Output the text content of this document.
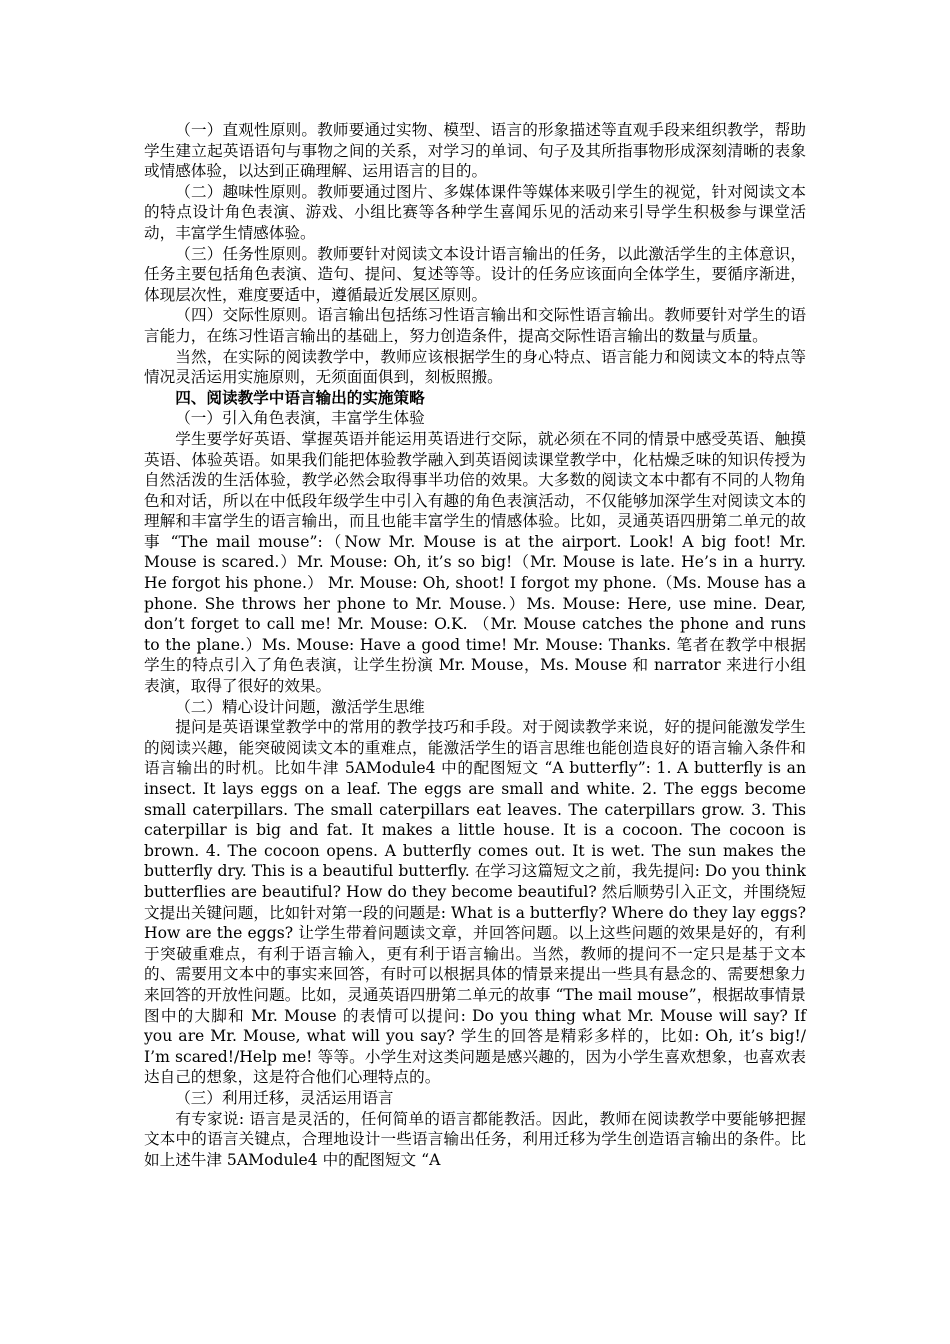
（一）直观性原则。教师要通过实物、模型、语言的形象描述等直观手段来组织教学，帮助学生建立起英语语句与事物之间的关系，对学习的单词、句子及其所指事物形成深刻清晰的表象或情感体验，以达到正确理解、运用语言的目的。

（二）趣味性原则。教师要通过图片、多媒体课件等媒体来吸引学生的视觉，针对阅读文本的特点设计角色表演、游戏、小组比赛等各种学生喜闻乐见的活动来引导学生积极参与课堂活动，丰富学生情感体验。

（三）任务性原则。教师要针对阅读文本设计语言输出的任务，以此激活学生的主体意识，任务主要包括角色表演、造句、提问、复述等等。设计的任务应该面向全体学生，要循序渐进，体现层次性，难度要适中，遵循最近发展区原则。

（四）交际性原则。语言输出包括练习性语言输出和交际性语言输出。教师要针对学生的语言能力，在练习性语言输出的基础上，努力创造条件，提高交际性语言输出的数量与质量。

当然，在实际的阅读教学中，教师应该根据学生的身心特点、语言能力和阅读文本的特点等情况灵活运用实施原则，无须面面俱到，刻板照搬。

四、阅读教学中语言输出的实施策略

（一）引入角色表演，丰富学生体验

学生要学好英语、掌握英语并能运用英语进行交际，就必须在不同的情景中感受英语、触摸英语、体验英语。如果我们能把体验教学融入到英语阅读课堂教学中，化枯燥乏味的知识传授为自然活泼的生活体验，教学必然会取得事半功倍的效果。大多数的阅读文本中都有不同的人物角色和对话，所以在中低段年级学生中引入有趣的角色表演活动，不仅能够加深学生对阅读文本的理解和丰富学生的语言输出，而且也能丰富学生的情感体验。比如，灵通英语四册第二单元的故事 “The mail mouse”:（Now Mr. Mouse is at the airport. Look! A big foot! Mr. Mouse is scared.）Mr. Mouse: Oh, it’s so big!（Mr. Mouse is late. He’s in a hurry. He forgot his phone.） Mr. Mouse: Oh, shoot! I forgot my phone.（Ms. Mouse has a phone. She throws her phone to Mr. Mouse.）Ms. Mouse: Here, use mine. Dear, don’t forget to call me! Mr. Mouse: O.K. （Mr. Mouse catches the phone and runs to the plane.）Ms. Mouse: Have a good time! Mr. Mouse: Thanks. 笔者在教学中根据学生的特点引入了角色表演，让学生扮演 Mr. Mouse，Ms. Mouse 和 narrator 来进行小组表演，取得了很好的效果。

（二）精心设计问题，激活学生思维

提问是英语课堂教学中的常用的教学技巧和手段。对于阅读教学来说，好的提问能激发学生的阅读兴趣，能突破阅读文本的重难点，能激活学生的语言思维也能创造良好的语言输入条件和语言输出的时机。比如牛津 5AModule4 中的配图短文 “A butterfly”: 1. A butterfly is an insect. It lays eggs on a leaf. The eggs are small and white. 2. The eggs become small caterpillars. The small caterpillars eat leaves. The caterpillars grow. 3. This caterpillar is big and fat. It makes a little house. It is a cocoon. The cocoon is brown. 4. The cocoon opens. A butterfly comes out. It is wet. The sun makes the butterfly dry. This is a beautiful butterfly. 在学习这篇短文之前，我先提问: Do you think butterflies are beautiful? How do they become beautiful? 然后顺势引入正文，并围绕短文提出关键问题，比如针对第一段的问题是: What is a butterfly? Where do they lay eggs? How are the eggs? 让学生带着问题读文章，并回答问题。以上这些问题的效果是好的，有利于突破重难点，有利于语言输入，更有利于语言输出。当然，教师的提问不一定只是基于文本的、需要用文本中的事实来回答，有时可以根据具体的情景来提出一些具有悬念的、需要想象力来回答的开放性问题。比如，灵通英语四册第二单元的故事 “The mail mouse”，根据故事情景图中的大脚和 Mr. Mouse 的表情可以提问: Do you thing what Mr. Mouse will say? If you are Mr. Mouse, what will you say? 学生的回答是精彩多样的，比如: Oh, it’s big!/ I’m scared!/Help me! 等等。小学生对这类问题是感兴趣的，因为小学生喜欢想象，也喜欢表达自己的想象，这是符合他们心理特点的。

（三）利用迁移，灵活运用语言

有专家说: 语言是灵活的，任何简单的语言都能教活。因此，教师在阅读教学中要能够把握文本中的语言关键点，合理地设计一些语言输出任务，利用迁移为学生创造语言输出的条件。比如上述牛津 5AModule4 中的配图短文 “A
